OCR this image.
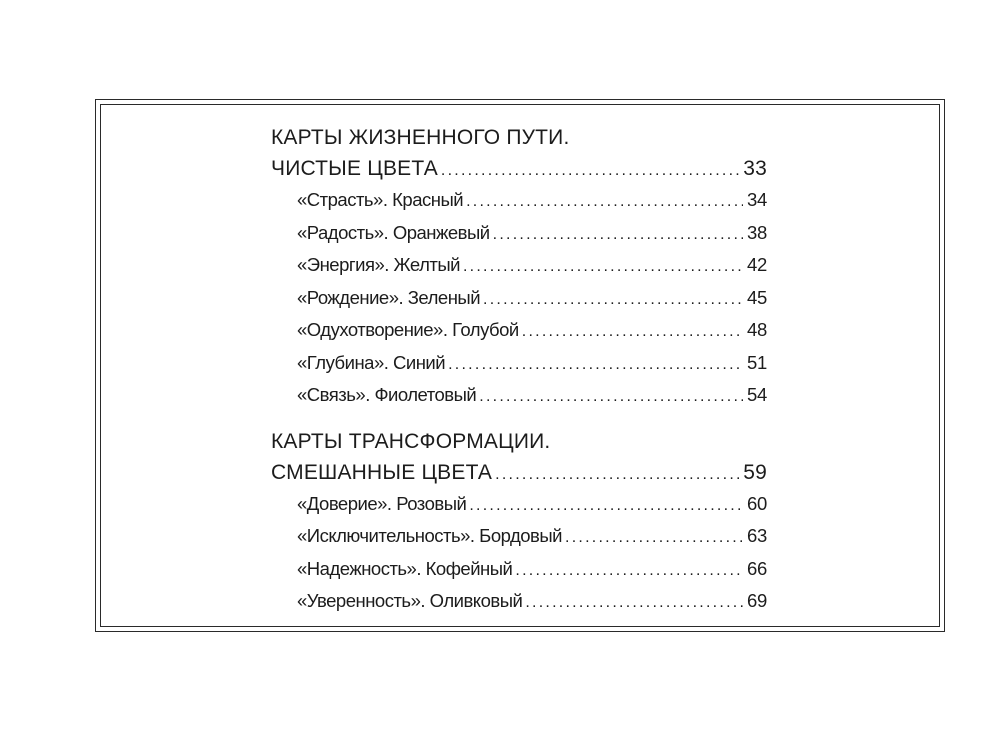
КАРТЫ ЖИЗНЕННОГО ПУТИ.
ЧИСТЫЕ ЦВЕТА . . .	33
«Страсть». Красный . . .	34
«Радость». Оранжевый . . .	38
«Энергия». Желтый . . .	42
«Рождение». Зеленый . . .	45
«Одухотворение». Голубой . . .	48
«Глубина». Синий . . .	51
«Связь». Фиолетовый . . .	54
КАРТЫ ТРАНСФОРМАЦИИ.
СМЕШАННЫЕ ЦВЕТА . . .	59
«Доверие». Розовый . . .	60
«Исключительность». Бордовый . . .	63
«Надежность». Кофейный . . .	66
«Уверенность». Оливковый . . .	69
